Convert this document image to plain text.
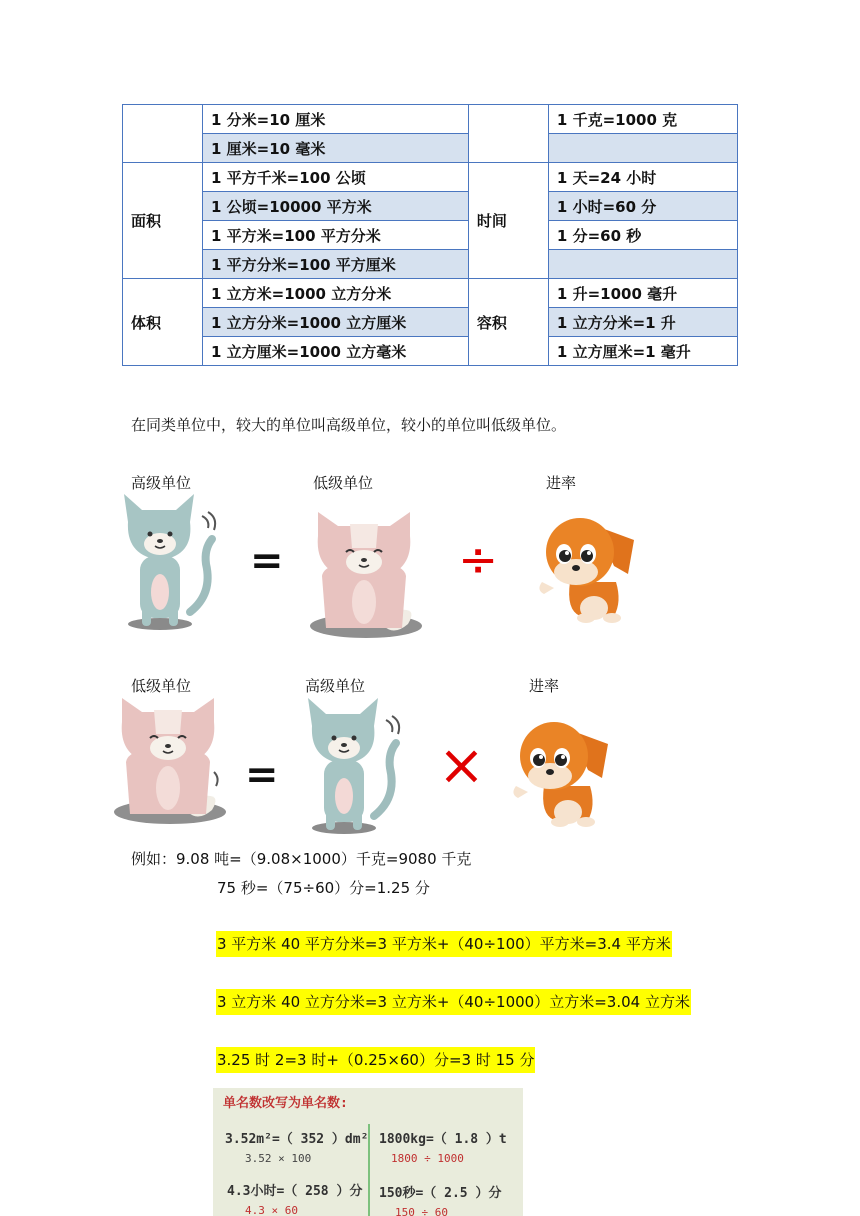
	1 分米=10 厘米		1 千克=1000 克
	1 厘米=10 毫米		
面积	1 平方千米=100 公顷	时间	1 天=24 小时
	1 公顷=10000 平方米		1 小时=60 分
	1 平方米=100 平方分米		1 分=60 秒
	1 平方分米=100 平方厘米		
体积	1 立方米=1000 立方分米	容积	1 升=1000 毫升
	1 立方分米=1000 立方厘米		1 立方分米=1 升
	1 立方厘米=1000 立方毫米		1 立方厘米=1 毫升
在同类单位中，较大的单位叫高级单位，较小的单位叫低级单位。
高级单位	低级单位	进率
=	÷
低级单位	高级单位	进率
=	×
例如：9.08 吨=（9.08×1000）千克=9080 千克
75 秒=（75÷60）分=1.25 分
3 平方米 40 平方分米=3 平方米+（40÷100）平方米=3.4 平方米
3 立方米 40 立方分米=3 立方米+（40÷1000）立方米=3.04 立方米
3.25 时 2=3 时+（0.25×60）分=3 时 15 分
单名数改写为单名数:
3.52m²=（ 352 ）dm²
3.52 × 100
1800kg=（ 1.8 ）t
1800 ÷ 1000
4.3小时=（ 258 ）分
4.3 × 60
150秒=（ 2.5 ）分
150 ÷ 60
